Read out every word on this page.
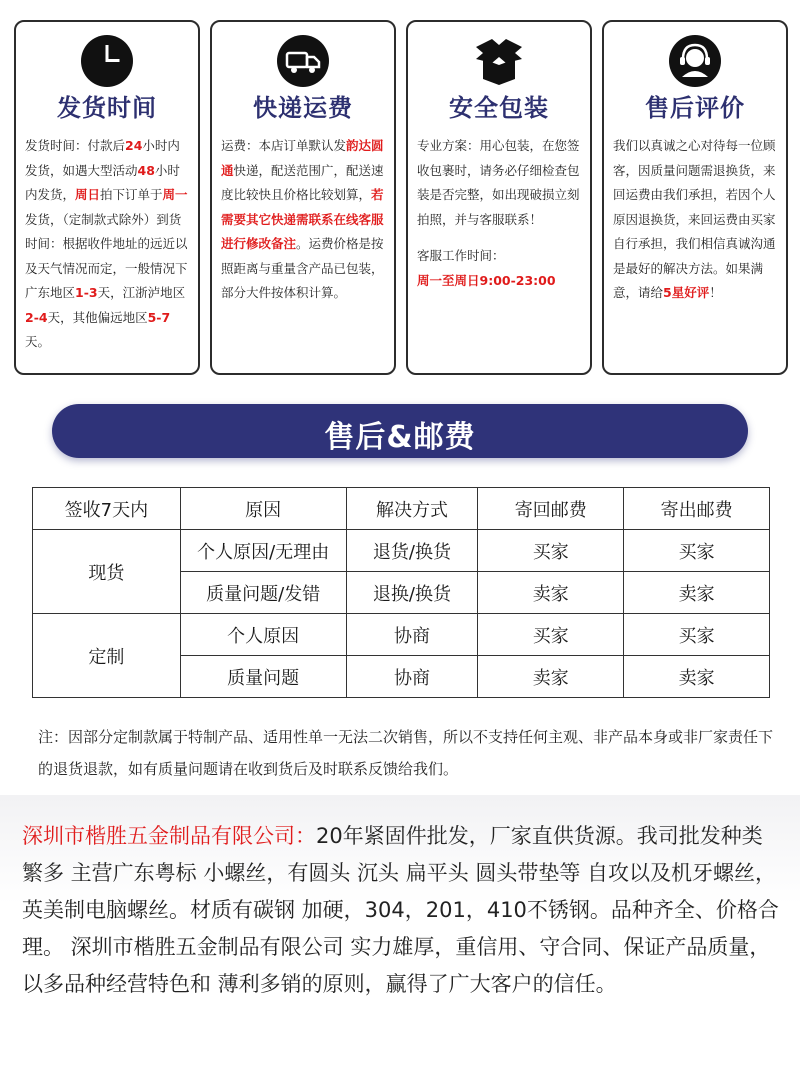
发货时间
发货时间：付款后24小时内发货，如遇大型活动48小时内发货，周日拍下订单于周一发货，（定制款式除外）到货时间：根据收件地址的远近以及天气情况而定，一般情况下广东地区1-3天，江浙泸地区2-4天，其他偏远地区5-7天。
快递运费
运费：本店订单默认发韵达圆通快递，配送范围广，配送速度比较快且价格比较划算，若需要其它快递需联系在线客服进行修改备注。运费价格是按照距离与重量含产品已包装，部分大件按体积计算。
安全包装
专业方案：用心包装，在您签收包裹时，请务必仔细检查包装是否完整，如出现破损立刻拍照，并与客服联系！
客服工作时间：
周一至周日9:00-23:00
售后评价
我们以真诚之心对待每一位顾客，因质量问题需退换货，来回运费由我们承担，若因个人原因退换货，来回运费由买家自行承担，我们相信真诚沟通是最好的解决方法。如果满意，请给5星好评！
售后&邮费
签收7天内	原因	解决方式	寄回邮费	寄出邮费
现货	个人原因/无理由	退货/换货	买家	买家
	质量问题/发错	退换/换货	卖家	卖家
定制	个人原因	协商	买家	买家
	质量问题	协商	卖家	卖家
注：因部分定制款属于特制产品、适用性单一无法二次销售，所以不支持任何主观、非产品本身或非厂家责任下的退货退款，如有质量问题请在收到货后及时联系反馈给我们。
深圳市楷胜五金制品有限公司：20年紧固件批发，厂家直供货源。我司批发种类繁多 主营广东粤标 小螺丝，有圆头 沉头 扁平头 圆头带垫等 自攻以及机牙螺丝，英美制电脑螺丝。材质有碳钢 加硬，304，201，410不锈钢。品种齐全、价格合理。 深圳市楷胜五金制品有限公司 实力雄厚，重信用、守合同、保证产品质量，以多品种经营特色和 薄利多销的原则，赢得了广大客户的信任。
